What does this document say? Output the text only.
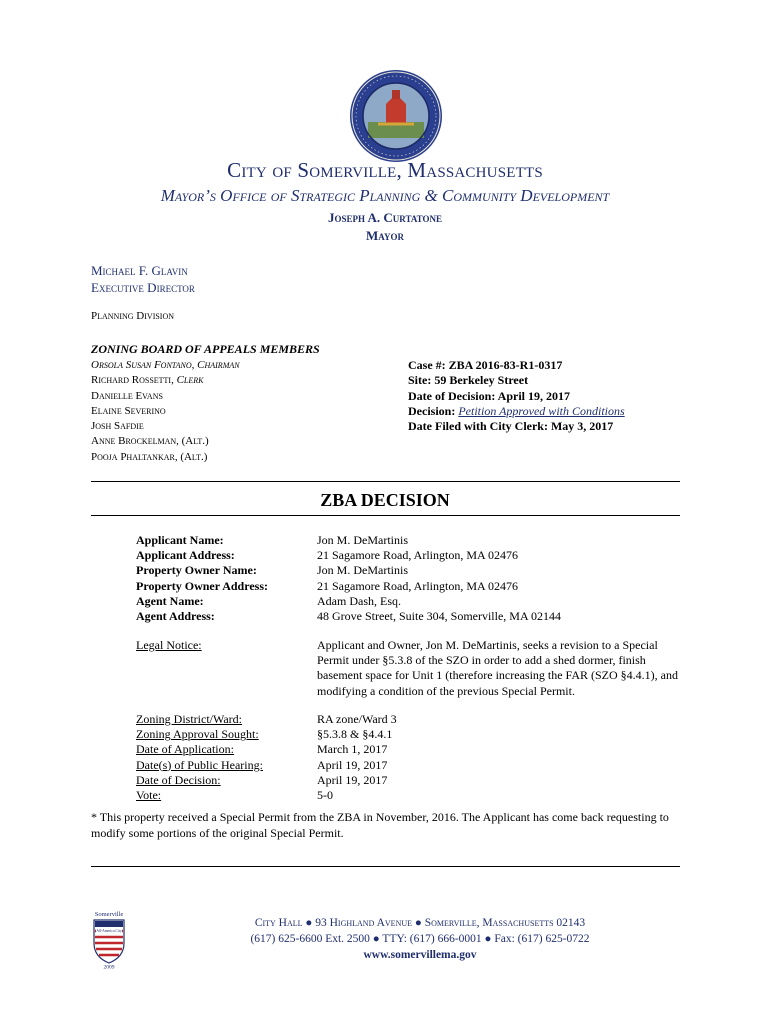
City of Somerville, Massachusetts
Mayor’s Office of Strategic Planning & Community Development
Joseph A. Curtatone
Mayor
Michael F. Glavin
Executive Director
Planning Division
ZONING BOARD OF APPEALS MEMBERS
Orsola Susan Fontano, Chairman
Richard Rossetti, Clerk
Danielle Evans
Elaine Severino
Josh Safdie
Anne Brockelman, (Alt.)
Pooja Phaltankar, (Alt.)
Case #: ZBA 2016-83-R1-0317
Site: 59 Berkeley Street
Date of Decision: April 19, 2017
Decision: Petition Approved with Conditions
Date Filed with City Clerk: May 3, 2017
ZBA DECISION
Applicant Name:	Jon M. DeMartinis
Applicant Address:	21 Sagamore Road, Arlington, MA 02476
Property Owner Name:	Jon M. DeMartinis
Property Owner Address:	21 Sagamore Road, Arlington, MA 02476
Agent Name:	Adam Dash, Esq.
Agent Address:	48 Grove Street, Suite 304, Somerville, MA 02144
Legal Notice:	Applicant and Owner, Jon M. DeMartinis, seeks a revision to a Special Permit under §5.3.8 of the SZO in order to add a shed dormer, finish basement space for Unit 1 (therefore increasing the FAR (SZO §4.4.1), and modifying a condition of the previous Special Permit.
Zoning District/Ward:	RA zone/Ward 3
Zoning Approval Sought:	§5.3.8 & §4.4.1
Date of Application:	March 1, 2017
Date(s) of Public Hearing:	April 19, 2017
Date of Decision:	April 19, 2017
Vote:	5-0
* This property received a Special Permit from the ZBA in November, 2016. The Applicant has come back requesting to modify some portions of the original Special Permit.
Somerville
All-America City
2009
City Hall ● 93 Highland Avenue ● Somerville, Massachusetts 02143
(617) 625-6600 Ext. 2500 ● TTY: (617) 666-0001 ● Fax: (617) 625-0722
www.somervillema.gov
